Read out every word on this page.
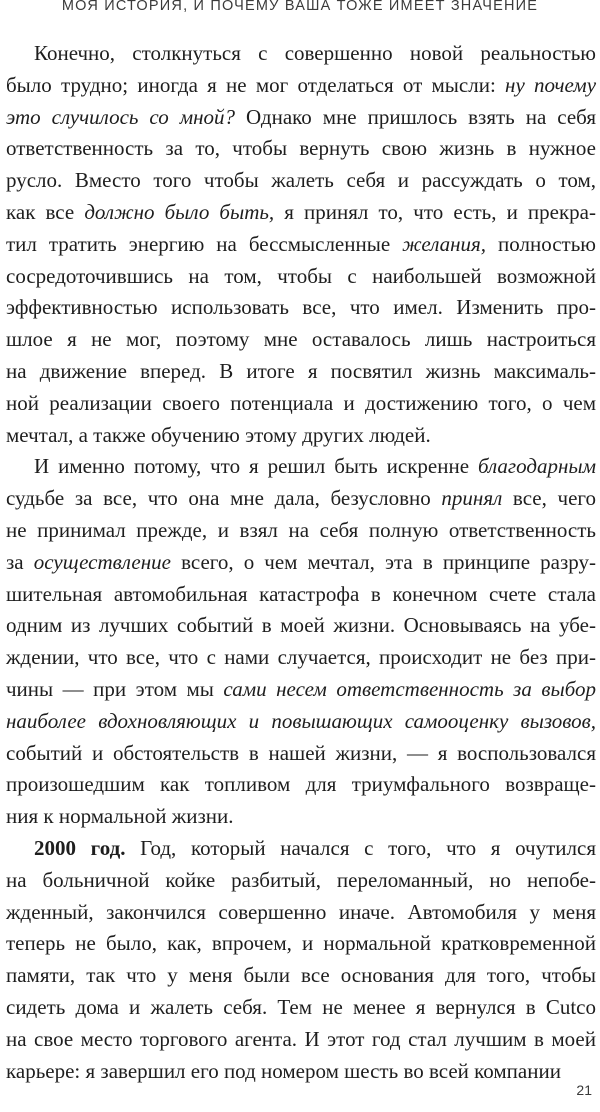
МОЯ ИСТОРИЯ, И ПОЧЕМУ ВАША ТОЖЕ ИМЕЕТ ЗНАЧЕНИЕ
Конечно, столкнуться с совершенно новой реальностью
было трудно; иногда я не мог отделаться от мысли: ну почему
это случилось со мной? Однако мне пришлось взять на себя
ответственность за то, чтобы вернуть свою жизнь в нужное
русло. Вместо того чтобы жалеть себя и рассуждать о том,
как все должно было быть, я принял то, что есть, и прекра-
тил тратить энергию на бессмысленные желания, полностью
сосредоточившись на том, чтобы с наибольшей возможной
эффективностью использовать все, что имел. Изменить про-
шлое я не мог, поэтому мне оставалось лишь настроиться
на движение вперед. В итоге я посвятил жизнь максималь-
ной реализации своего потенциала и достижению того, о чем
мечтал, а также обучению этому других людей.
И именно потому, что я решил быть искренне благодарным
судьбе за все, что она мне дала, безусловно принял все, чего
не принимал прежде, и взял на себя полную ответственность
за осуществление всего, о чем мечтал, эта в принципе разру-
шительная автомобильная катастрофа в конечном счете стала
одним из лучших событий в моей жизни. Основываясь на убе-
ждении, что все, что с нами случается, происходит не без при-
чины — при этом мы сами несем ответственность за выбор
наиболее вдохновляющих и повышающих самооценку вызовов,
событий и обстоятельств в нашей жизни, — я воспользовался
произошедшим как топливом для триумфального возвраще-
ния к нормальной жизни.
2000 год. Год, который начался с того, что я очутился
на больничной койке разбитый, переломанный, но непобе-
жденный, закончился совершенно иначе. Автомобиля у меня
теперь не было, как, впрочем, и нормальной кратковременной
памяти, так что у меня были все основания для того, чтобы
сидеть дома и жалеть себя. Тем не менее я вернулся в Cutco
на свое место торгового агента. И этот год стал лучшим в моей
карьере: я завершил его под номером шесть во всей компании
21
